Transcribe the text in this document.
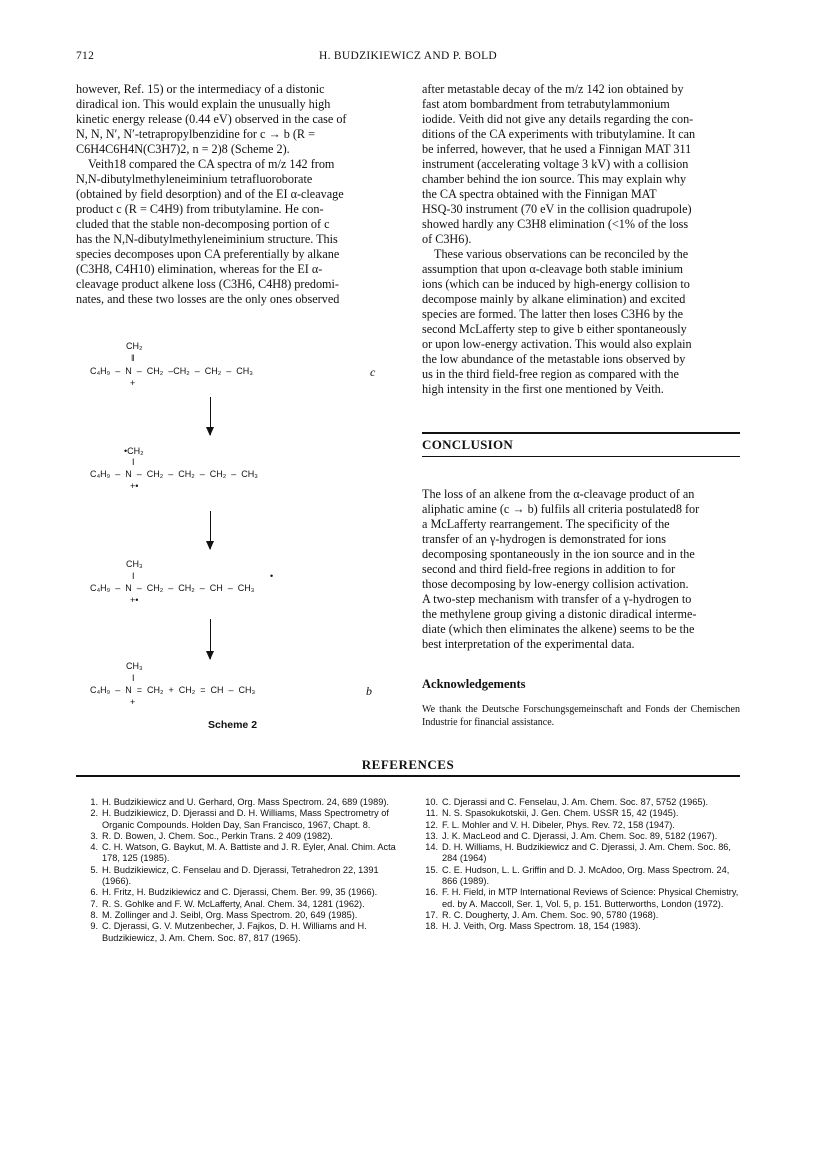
712	H. BUDZIKIEWICZ AND P. BOLD
however, Ref. 15) or the intermediacy of a distonic
diradical ion. This would explain the unusually high
kinetic energy release (0.44 eV) observed in the case of
N, N, N′, N′-tetrapropylbenzidine for c → b (R =
C6H4C6H4N(C3H7)2, n = 2)8 (Scheme 2).
Veith18 compared the CA spectra of m/z 142 from
N,N-dibutylmethyleneiminium tetrafluoroborate
(obtained by field desorption) and of the EI α-cleavage
product c (R = C4H9) from tributylamine. He con-
cluded that the stable non-decomposing portion of c
has the N,N-dibutylmethyleneiminium structure. This
species decomposes upon CA preferentially by alkane
(C3H8, C4H10) elimination, whereas for the EI α-
cleavage product alkene loss (C3H6, C4H8) predomi-
nates, and these two losses are the only ones observed
after metastable decay of the m/z 142 ion obtained by
fast atom bombardment from tetrabutylammonium
iodide. Veith did not give any details regarding the con-
ditions of the CA experiments with tributylamine. It can
be inferred, however, that he used a Finnigan MAT 311
instrument (accelerating voltage 3 kV) with a collision
chamber behind the ion source. This may explain why
the CA spectra obtained with the Finnigan MAT
HSQ-30 instrument (70 eV in the collision quadrupole)
showed hardly any C3H8 elimination (<1% of the loss
of C3H6).
These various observations can be reconciled by the
assumption that upon α-cleavage both stable iminium
ions (which can be induced by high-energy collision to
decompose mainly by alkane elimination) and excited
species are formed. The latter then loses C3H6 by the
second McLafferty step to give b either spontaneously
or upon low-energy activation. This would also explain
the low abundance of the metastable ions observed by
us in the third field-free region as compared with the
high intensity in the first one mentioned by Veith.
CH₂
‖
C₄H₉  –  N  –  CH₂  –CH₂  –  CH₂  –  CH₃
+
c
•CH₂
I
C₄H₉  –  N  –  CH₂  –  CH₂  –  CH₂  –  CH₃
+•
CH₃
I	•
C₄H₉  –  N  –  CH₂  –  CH₂  –  CH  –  CH₃
+•
CH₃
I
C₄H₉  –  N  =  CH₂  +  CH₂  =  CH  –  CH₃
+
b
Scheme 2
CONCLUSION
The loss of an alkene from the α-cleavage product of an
aliphatic amine (c → b) fulfils all criteria postulated8 for
a McLafferty rearrangement. The specificity of the
transfer of an γ-hydrogen is demonstrated for ions
decomposing spontaneously in the ion source and in the
second and third field-free regions in addition to for
those decomposing by low-energy collision activation.
A two-step mechanism with transfer of a γ-hydrogen to
the methylene group giving a distonic diradical interme-
diate (which then eliminates the alkene) seems to be the
best interpretation of the experimental data.
Acknowledgements
We thank the Deutsche Forschungsgemeinschaft and Fonds der Chemischen Industrie for financial assistance.
REFERENCES
1. H. Budzikiewicz and U. Gerhard, Org. Mass Spectrom. 24, 689 (1989).
2. H. Budzikiewicz, D. Djerassi and D. H. Williams, Mass Spectrometry of Organic Compounds. Holden Day, San Francisco, 1967, Chapt. 8.
3. R. D. Bowen, J. Chem. Soc., Perkin Trans. 2 409 (1982).
4. C. H. Watson, G. Baykut, M. A. Battiste and J. R. Eyler, Anal. Chim. Acta 178, 125 (1985).
5. H. Budzikiewicz, C. Fenselau and D. Djerassi, Tetrahedron 22, 1391 (1966).
6. H. Fritz, H. Budzikiewicz and C. Djerassi, Chem. Ber. 99, 35 (1966).
7. R. S. Gohlke and F. W. McLafferty, Anal. Chem. 34, 1281 (1962).
8. M. Zollinger and J. Seibl, Org. Mass Spectrom. 20, 649 (1985).
9. C. Djerassi, G. V. Mutzenbecher, J. Fajkos, D. H. Williams and H. Budzikiewicz, J. Am. Chem. Soc. 87, 817 (1965).
10. C. Djerassi and C. Fenselau, J. Am. Chem. Soc. 87, 5752 (1965).
11. N. S. Spasokukotskii, J. Gen. Chem. USSR 15, 42 (1945).
12. F. L. Mohler and V. H. Dibeler, Phys. Rev. 72, 158 (1947).
13. J. K. MacLeod and C. Djerassi, J. Am. Chem. Soc. 89, 5182 (1967).
14. D. H. Williams, H. Budzikiewicz and C. Djerassi, J. Am. Chem. Soc. 86, 284 (1964)
15. C. E. Hudson, L. L. Griffin and D. J. McAdoo, Org. Mass Spectrom. 24, 866 (1989).
16. F. H. Field, in MTP International Reviews of Science: Physical Chemistry, ed. by A. Maccoll, Ser. 1, Vol. 5, p. 151. Butterworths, London (1972).
17. R. C. Dougherty, J. Am. Chem. Soc. 90, 5780 (1968).
18. H. J. Veith, Org. Mass Spectrom. 18, 154 (1983).
